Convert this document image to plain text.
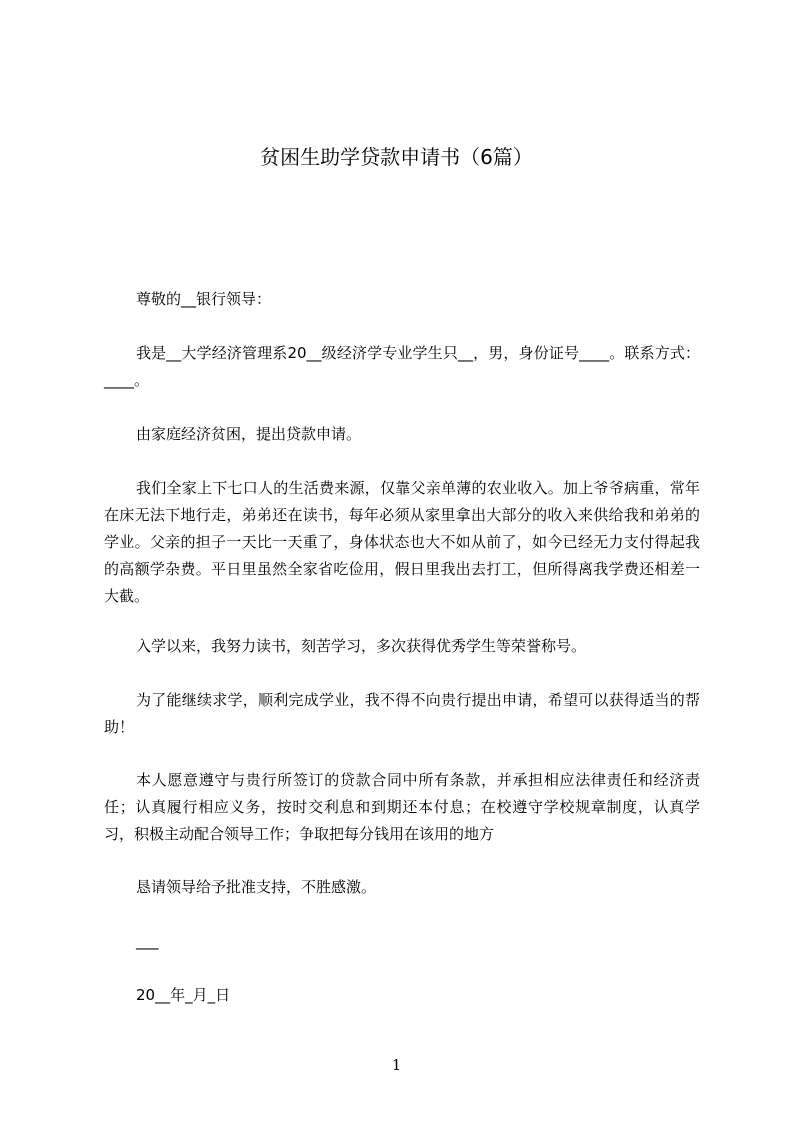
贫困生助学贷款申请书（6篇）

尊敬的__银行领导：

我是__大学经济管理系20__级经济学专业学生只__，男，身份证号____。联系方式：____。

由家庭经济贫困，提出贷款申请。

我们全家上下七口人的生活费来源，仅靠父亲单薄的农业收入。加上爷爷病重，常年在床无法下地行走，弟弟还在读书，每年必须从家里拿出大部分的收入来供给我和弟弟的学业。父亲的担子一天比一天重了，身体状态也大不如从前了，如今已经无力支付得起我的高额学杂费。平日里虽然全家省吃俭用，假日里我出去打工，但所得离我学费还相差一大截。

入学以来，我努力读书，刻苦学习，多次获得优秀学生等荣誉称号。

为了能继续求学，顺利完成学业，我不得不向贵行提出申请，希望可以获得适当的帮助！

本人愿意遵守与贵行所签订的贷款合同中所有条款，并承担相应法律责任和经济责任；认真履行相应义务，按时交利息和到期还本付息；在校遵守学校规章制度，认真学习，积极主动配合领导工作；争取把每分钱用在该用的地方

恳请领导给予批准支持，不胜感激。

___

20__年_月_日

1
